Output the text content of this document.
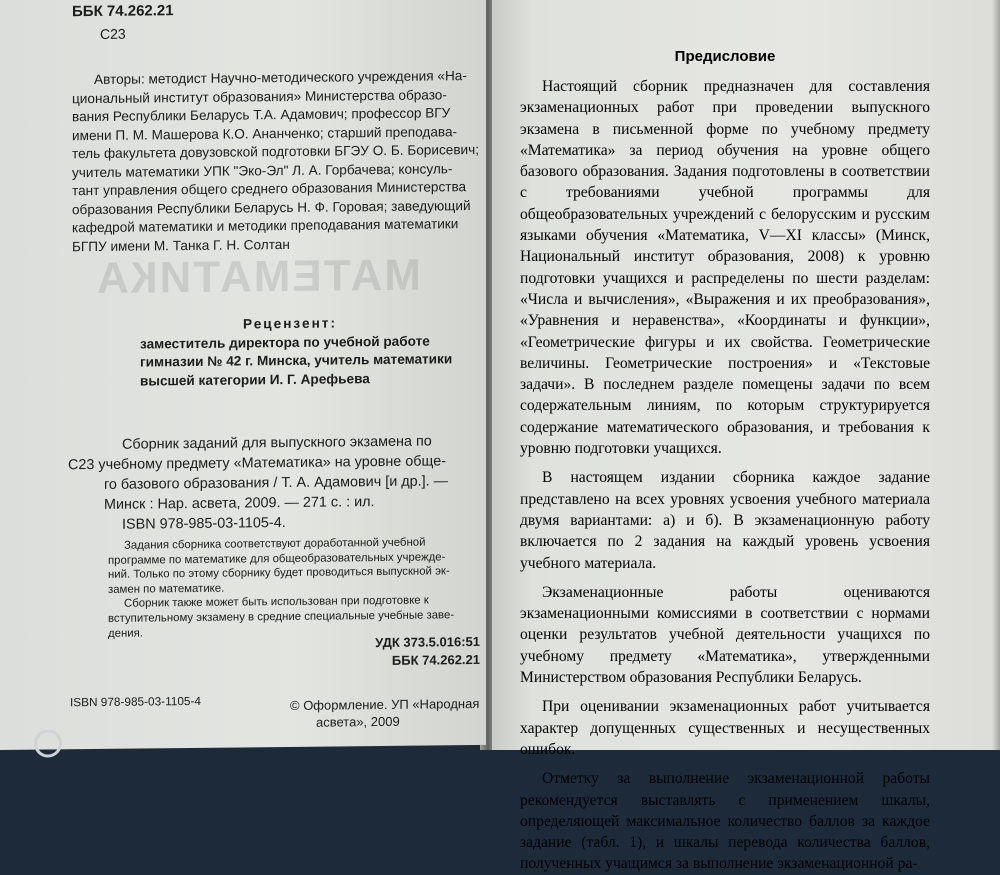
МАТЕМАТИКА
ББК 74.262.21
С23
Авторы: методист Научно-методического учреждения «На-
циональный институт образования» Министерства образо-
вания Республики Беларусь Т.А. Адамович; профессор ВГУ
имени П. М. Машерова К.О. Ананченко; старший преподава-
тель факультета довузовской подготовки БГЭУ О. Б. Борисевич;
учитель математики УПК "Эко-Эл" Л. А. Горбачева; консуль-
тант управления общего среднего образования Министерства
образования Республики Беларусь Н. Ф. Горовая; заведующий
кафедрой математики и методики преподавания математики
БГПУ имени М. Танка Г. Н. Солтан
Рецензент:
заместитель директора по учебной работе
гимназии № 42 г. Минска, учитель математики
высшей категории И. Г. Арефьева
Сборник заданий для выпускного экзамена по
С23 учебному предмету «Математика» на уровне обще-
го базового образования / Т. А. Адамович [и др.]. —
Минск : Нар. асвета, 2009. — 271 с. : ил.
ISBN 978-985-03-1105-4.
Задания сборника соответствуют доработанной учебной
программе по математике для общеобразовательных учрежде-
ний. Только по этому сборнику будет проводиться выпускной эк-
замен по математике.
Сборник также может быть использован при подготовке к
вступительному экзамену в средние специальные учебные заве-
дения.
УДК 373.5.016:51
ББК 74.262.21
ISBN 978-985-03-1105-4	© Оформление. УП «Народная
асвета», 2009
Предисловие

Настоящий сборник предназначен для составления экзаменационных работ при проведении выпускного экзамена в письменной форме по учебному предмету «Математика» за период обучения на уровне общего базового образования. Задания подготовлены в соответствии с требованиями учебной программы для общеобразовательных учреждений с белорусским и русским языками обучения «Математика, V—XI классы» (Минск, Национальный институт образования, 2008) к уровню подготовки учащихся и распределены по шести разделам: «Числа и вычисления», «Выражения и их преобразования», «Уравнения и неравенства», «Координаты и функции», «Геометрические фигуры и их свойства. Геометрические величины. Геометрические построения» и «Текстовые задачи». В последнем разделе помещены задачи по всем содержательным линиям, по которым структурируется содержание математического образования, и требования к уровню подготовки учащихся.

В настоящем издании сборника каждое задание представлено на всех уровнях усвоения учебного материала двумя вариантами: а) и б). В экзаменационную работу включается по 2 задания на каждый уровень усвоения учебного материала.

Экзаменационные работы оцениваются экзаменационными комиссиями в соответствии с нормами оценки результатов учебной деятельности учащихся по учебному предмету «Математика», утвержденными Министерством образования Республики Беларусь.

При оценивании экзаменационных работ учитывается характер допущенных существенных и несущественных ошибок.

Отметку за выполнение экзаменационной работы рекомендуется выставлять с применением шкалы, определяющей максимальное количество баллов за каждое задание (табл. 1), и шкалы перевода количества баллов, полученных учащимся за выполнение экзаменационной ра-
